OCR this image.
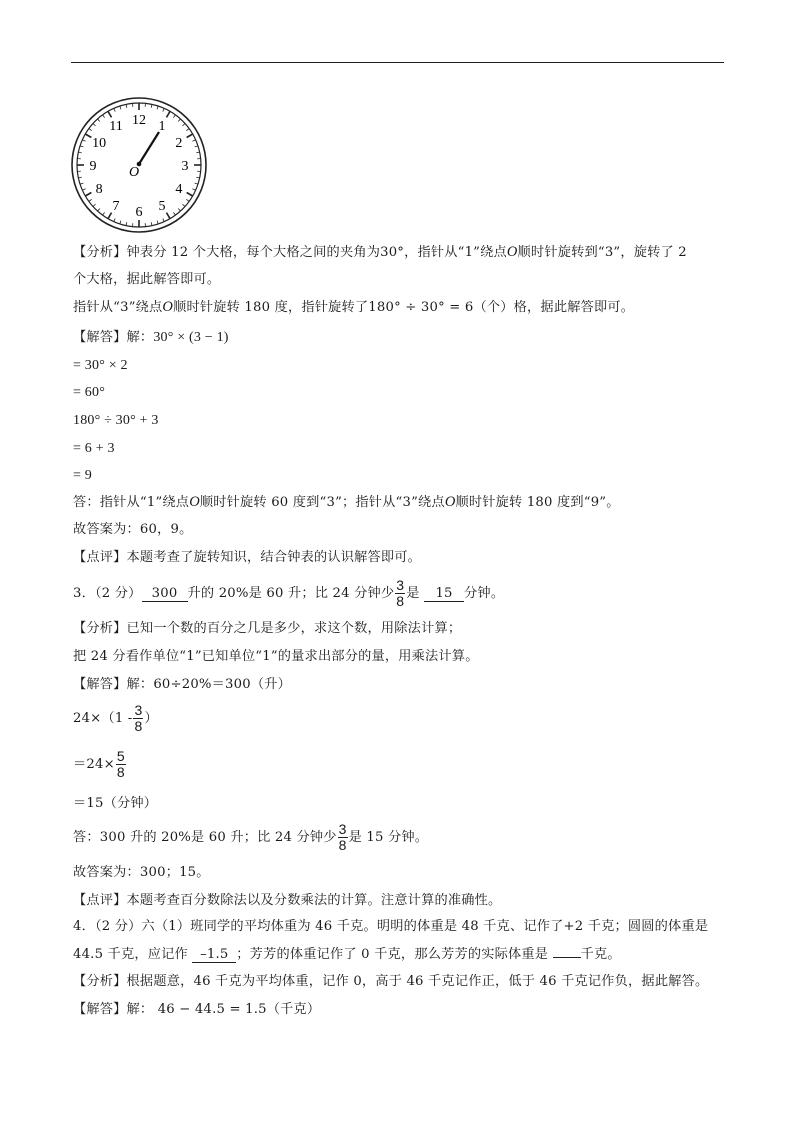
12 1
2
3
4
5
6
7
8
9
10
11
O
【分析】钟表分 12 个大格，每个大格之间的夹角为30°，指针从“1”绕点O顺时针旋转到“3”，旋转了 2
个大格，据此解答即可。
指针从“3”绕点O顺时针旋转 180 度，指针旋转了180° ÷ 30° = 6（个）格，据此解答即可。
【解答】解：30° × (3 − 1)
= 30° × 2
= 60°
180° ÷ 30° + 3
= 6 + 3
= 9
答：指针从“1”绕点O顺时针旋转 60 度到“3”；指针从“3”绕点O顺时针旋转 180 度到“9”。
故答案为：60，9。
【点评】本题考查了旋转知识，结合钟表的认识解答即可。
3．（2 分） 300 升的 20%是 60 升；比 24 分钟少 $\frac{3}{8}$ 是 15 分钟。
【分析】已知一个数的百分之几是多少，求这个数，用除法计算；
把 24 分看作单位“1”已知单位“1”的量求出部分的量，用乘法计算。
【解答】解：60÷20%＝300（升）
$24\times(1 - \frac{3}{8}$ ）
$=24\times \frac{5}{8}$
＝15（分钟）
答：300 升的 20%是 60 升；比 24 分钟少 $\frac{3}{8}$ 是 15 分钟。
故答案为：300；15。
【点评】本题考查百分数除法以及分数乘法的计算。注意计算的准确性。
4．（2 分）六（1）班同学的平均体重为 46 千克。明明的体重是 48 千克、记作了+2 千克；圆圆的体重是
44.5 千克，应记作 –1.5 ；芳芳的体重记作了 0 千克，那么芳芳的实际体重是 千克。
【分析】根据题意，46 千克为平均体重，记作 0，高于 46 千克记作正，低于 46 千克记作负，据此解答。
【解答】解： 46 − 44.5 = 1.5（千克）
